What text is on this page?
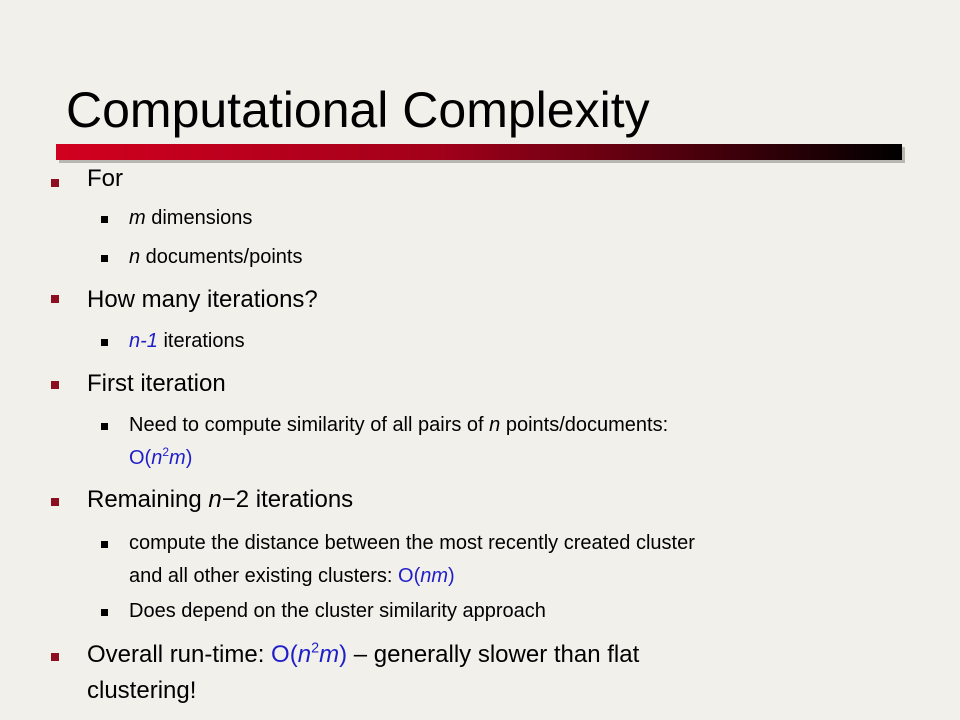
Computational Complexity
For
m dimensions
n documents/points
How many iterations?
n-1 iterations
First iteration
Need to compute similarity of all pairs of n points/documents:
$O(n^2m)$
Remaining n−2 iterations
compute the distance between the most recently created cluster
and all other existing clusters: O(nm)
Does depend on the cluster similarity approach
Overall run-time: $O(n^2m)$ – generally slower than flat
clustering!
